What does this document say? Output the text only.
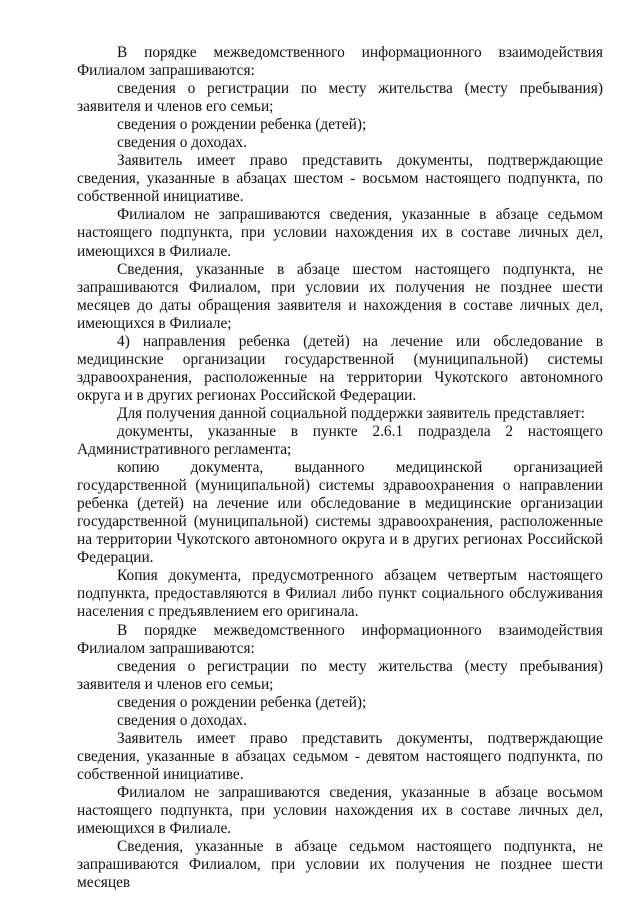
В порядке межведомственного информационного взаимодействия Филиалом запрашиваются:

сведения о регистрации по месту жительства (месту пребывания) заявителя и членов его семьи;

сведения о рождении ребенка (детей);

сведения о доходах.

Заявитель имеет право представить документы, подтверждающие сведения, указанные в абзацах шестом - восьмом настоящего подпункта, по собственной инициативе.

Филиалом не запрашиваются сведения, указанные в абзаце седьмом настоящего подпункта, при условии нахождения их в составе личных дел, имеющихся в Филиале.

Сведения, указанные в абзаце шестом настоящего подпункта, не запрашиваются Филиалом, при условии их получения не позднее шести месяцев до даты обращения заявителя и нахождения в составе личных дел, имеющихся в Филиале;

4) направления ребенка (детей) на лечение или обследование в медицинские организации государственной (муниципальной) системы здравоохранения, расположенные на территории Чукотского автономного округа и в других регионах Российской Федерации.

Для получения данной социальной поддержки заявитель представляет:

документы, указанные в пункте 2.6.1 подраздела 2 настоящего Административного регламента;

копию документа, выданного медицинской организацией государственной (муниципальной) системы здравоохранения о направлении ребенка (детей) на лечение или обследование в медицинские организации государственной (муниципальной) системы здравоохранения, расположенные на территории Чукотского автономного округа и в других регионах Российской Федерации.

Копия документа, предусмотренного абзацем четвертым настоящего подпункта, предоставляются в Филиал либо пункт социального обслуживания населения с предъявлением его оригинала.

В порядке межведомственного информационного взаимодействия Филиалом запрашиваются:

сведения о регистрации по месту жительства (месту пребывания) заявителя и членов его семьи;

сведения о рождении ребенка (детей);

сведения о доходах.

Заявитель имеет право представить документы, подтверждающие сведения, указанные в абзацах седьмом - девятом настоящего подпункта, по собственной инициативе.

Филиалом не запрашиваются сведения, указанные в абзаце восьмом настоящего подпункта, при условии нахождения их в составе личных дел, имеющихся в Филиале.

Сведения, указанные в абзаце седьмом настоящего подпункта, не запрашиваются Филиалом, при условии их получения не позднее шести месяцев
